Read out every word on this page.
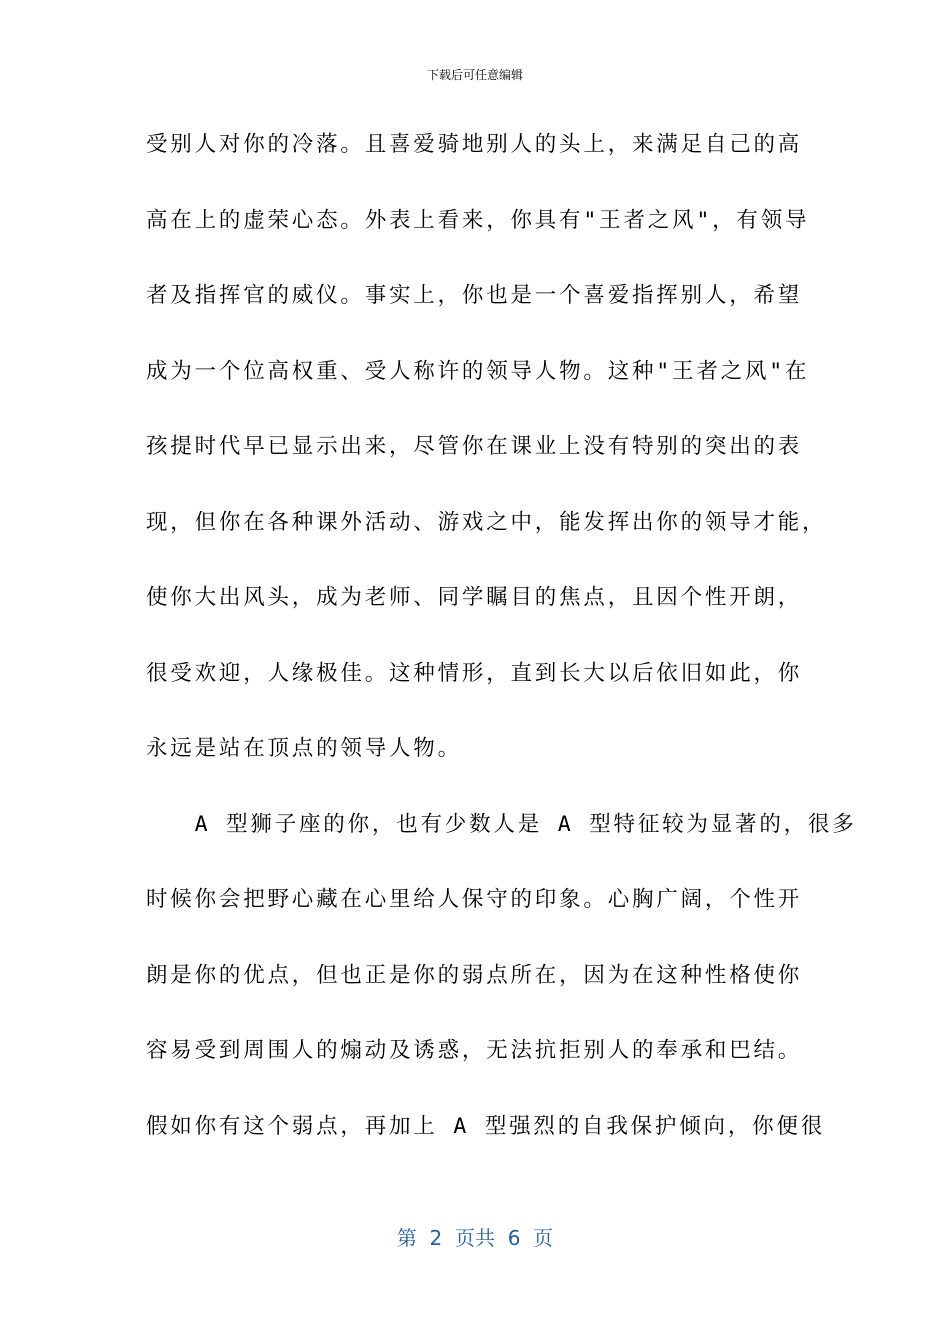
下载后可任意编辑
受别人对你的冷落。且喜爱骑地别人的头上，来满足自己的高
高在上的虚荣心态。外表上看来，你具有"王者之风"，有领导
者及指挥官的威仪。事实上，你也是一个喜爱指挥别人，希望
成为一个位高权重、受人称许的领导人物。这种"王者之风"在
孩提时代早已显示出来，尽管你在课业上没有特别的突出的表
现，但你在各种课外活动、游戏之中，能发挥出你的领导才能，
使你大出风头，成为老师、同学瞩目的焦点，且因个性开朗，
很受欢迎，人缘极佳。这种情形，直到长大以后依旧如此，你
永远是站在顶点的领导人物。
　　A 型狮子座的你，也有少数人是 A 型特征较为显著的，很多
时候你会把野心藏在心里给人保守的印象。心胸广阔，个性开
朗是你的优点，但也正是你的弱点所在，因为在这种性格使你
容易受到周围人的煽动及诱惑，无法抗拒别人的奉承和巴结。
假如你有这个弱点，再加上 A 型强烈的自我保护倾向，你便很
第  2  页共  6  页
